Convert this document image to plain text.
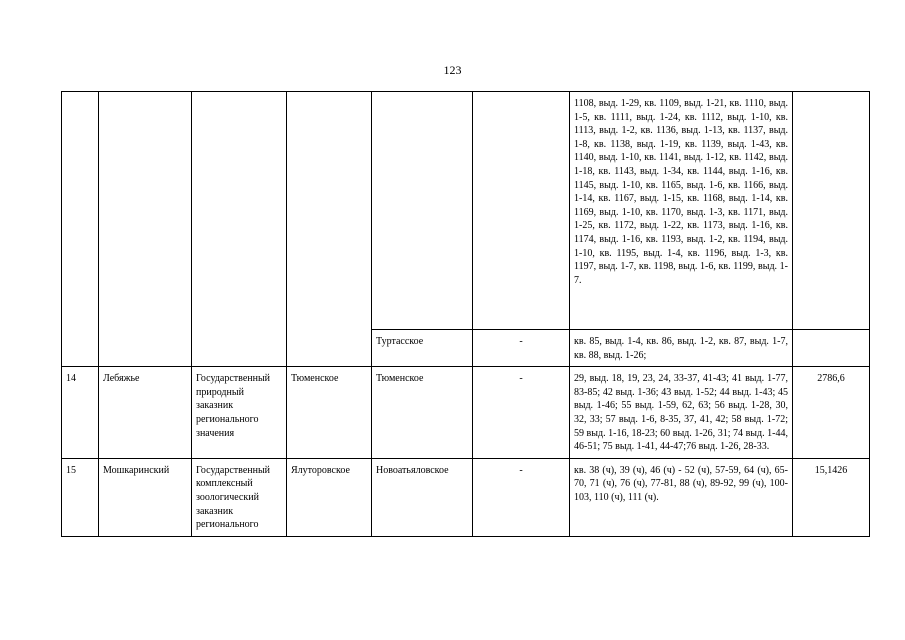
123
						1108, выд. 1-29, кв. 1109, выд. 1-21, кв. 1110, выд. 1-5, кв. 1111, выд. 1-24, кв. 1112, выд. 1-10, кв. 1113, выд. 1-2, кв. 1136, выд. 1-13, кв. 1137, выд. 1-8, кв. 1138, выд. 1-19, кв. 1139, выд. 1-43, кв. 1140, выд. 1-10, кв. 1141, выд. 1-12, кв. 1142, выд. 1-18, кв. 1143, выд. 1-34, кв. 1144, выд. 1-16, кв. 1145, выд. 1-10, кв. 1165, выд. 1-6, кв. 1166, выд. 1-14, кв. 1167, выд. 1-15, кв. 1168, выд. 1-14, кв. 1169, выд. 1-10, кв. 1170, выд. 1-3, кв. 1171, выд. 1-25, кв. 1172, выд. 1-22, кв. 1173, выд. 1-16, кв. 1174, выд. 1-16, кв. 1193, выд. 1-2, кв. 1194, выд. 1-10, кв. 1195, выд. 1-4, кв. 1196, выд. 1-3, кв. 1197, выд. 1-7, кв. 1198, выд. 1-6, кв. 1199, выд. 1-7.	
				Туртасское	-	кв. 85, выд. 1-4, кв. 86, выд. 1-2, кв. 87, выд. 1-7, кв. 88, выд. 1-26;	
14	Лебяжье	Государственный природный заказник регионального значения	Тюменское	Тюменское	-	29, выд. 18, 19, 23, 24, 33-37, 41-43; 41 выд. 1-77, 83-85; 42 выд. 1-36; 43 выд. 1-52; 44 выд. 1-43; 45 выд. 1-46; 55 выд. 1-59, 62, 63; 56 выд. 1-28, 30, 32, 33; 57 выд. 1-6, 8-35, 37, 41, 42; 58 выд. 1-72; 59 выд. 1-16, 18-23; 60 выд. 1-26, 31; 74 выд. 1-44, 46-51; 75 выд. 1-41, 44-47;76 выд. 1-26, 28-33.	2786,6
15	Мошкаринский	Государственный комплексный зоологический заказник регионального	Ялуторовское	Новоатьяловское	-	кв. 38 (ч), 39 (ч), 46 (ч) - 52 (ч), 57-59, 64 (ч), 65-70, 71 (ч), 76 (ч), 77-81, 88 (ч), 89-92, 99 (ч), 100-103, 110 (ч), 111 (ч).	15,1426
